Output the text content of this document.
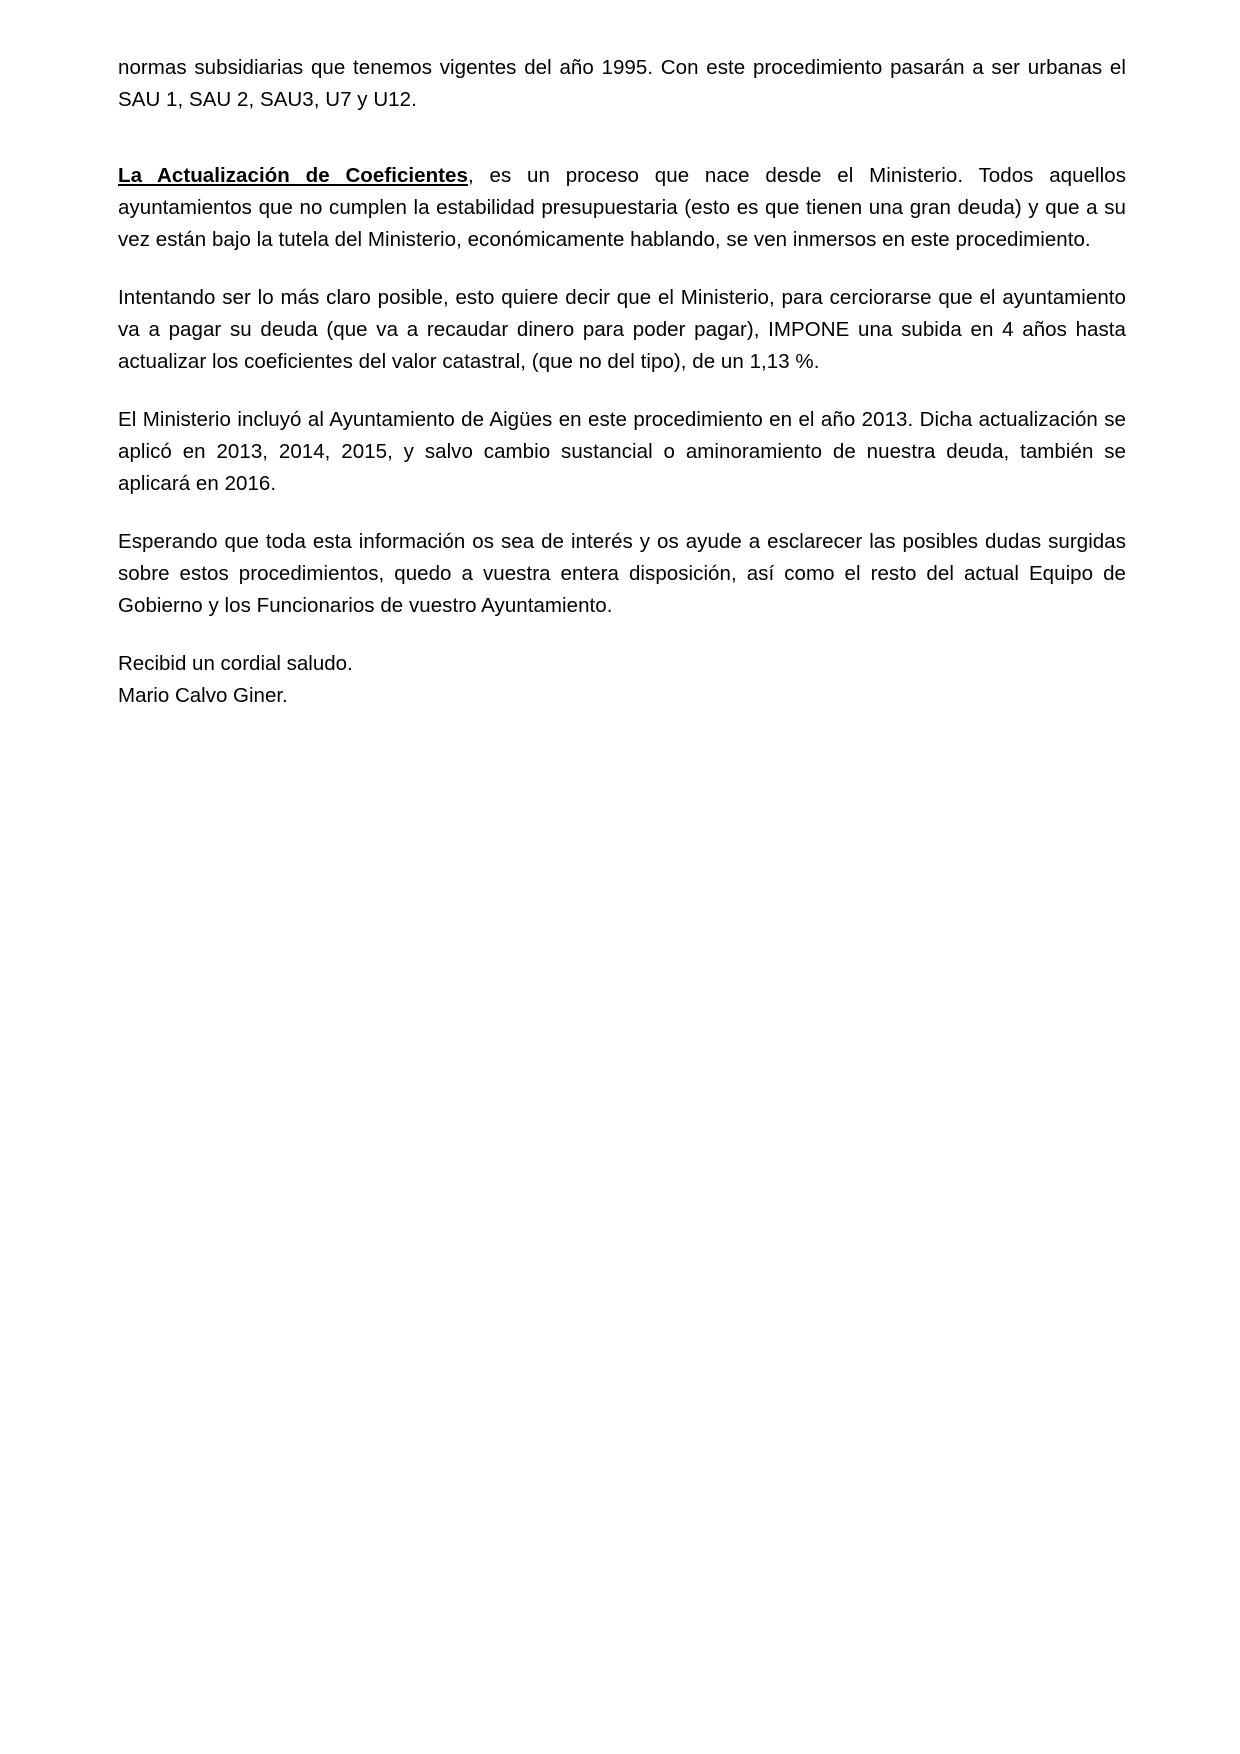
normas subsidiarias que tenemos vigentes del año 1995. Con este procedimiento pasarán a ser urbanas el SAU 1, SAU 2, SAU3, U7 y U12.

La Actualización de Coeficientes, es un proceso que nace desde el Ministerio. Todos aquellos ayuntamientos que no cumplen la estabilidad presupuestaria (esto es que tienen una gran deuda) y que a su vez están bajo la tutela del Ministerio, económicamente hablando, se ven inmersos en este procedimiento.

Intentando ser lo más claro posible, esto quiere decir que el Ministerio, para cerciorarse que el ayuntamiento va a pagar su deuda (que va a recaudar dinero para poder pagar), IMPONE una subida en 4 años hasta actualizar los coeficientes del valor catastral, (que no del tipo), de un 1,13 %.

El Ministerio incluyó al Ayuntamiento de Aigües en este procedimiento en el año 2013. Dicha actualización se aplicó en 2013, 2014, 2015, y salvo cambio sustancial o aminoramiento de nuestra deuda, también se aplicará en 2016.

Esperando que toda esta información os sea de interés y os ayude a esclarecer las posibles dudas surgidas sobre estos procedimientos, quedo a vuestra entera disposición, así como el resto del actual Equipo de Gobierno y los Funcionarios de vuestro Ayuntamiento.

Recibid un cordial saludo.

Mario Calvo Giner.
